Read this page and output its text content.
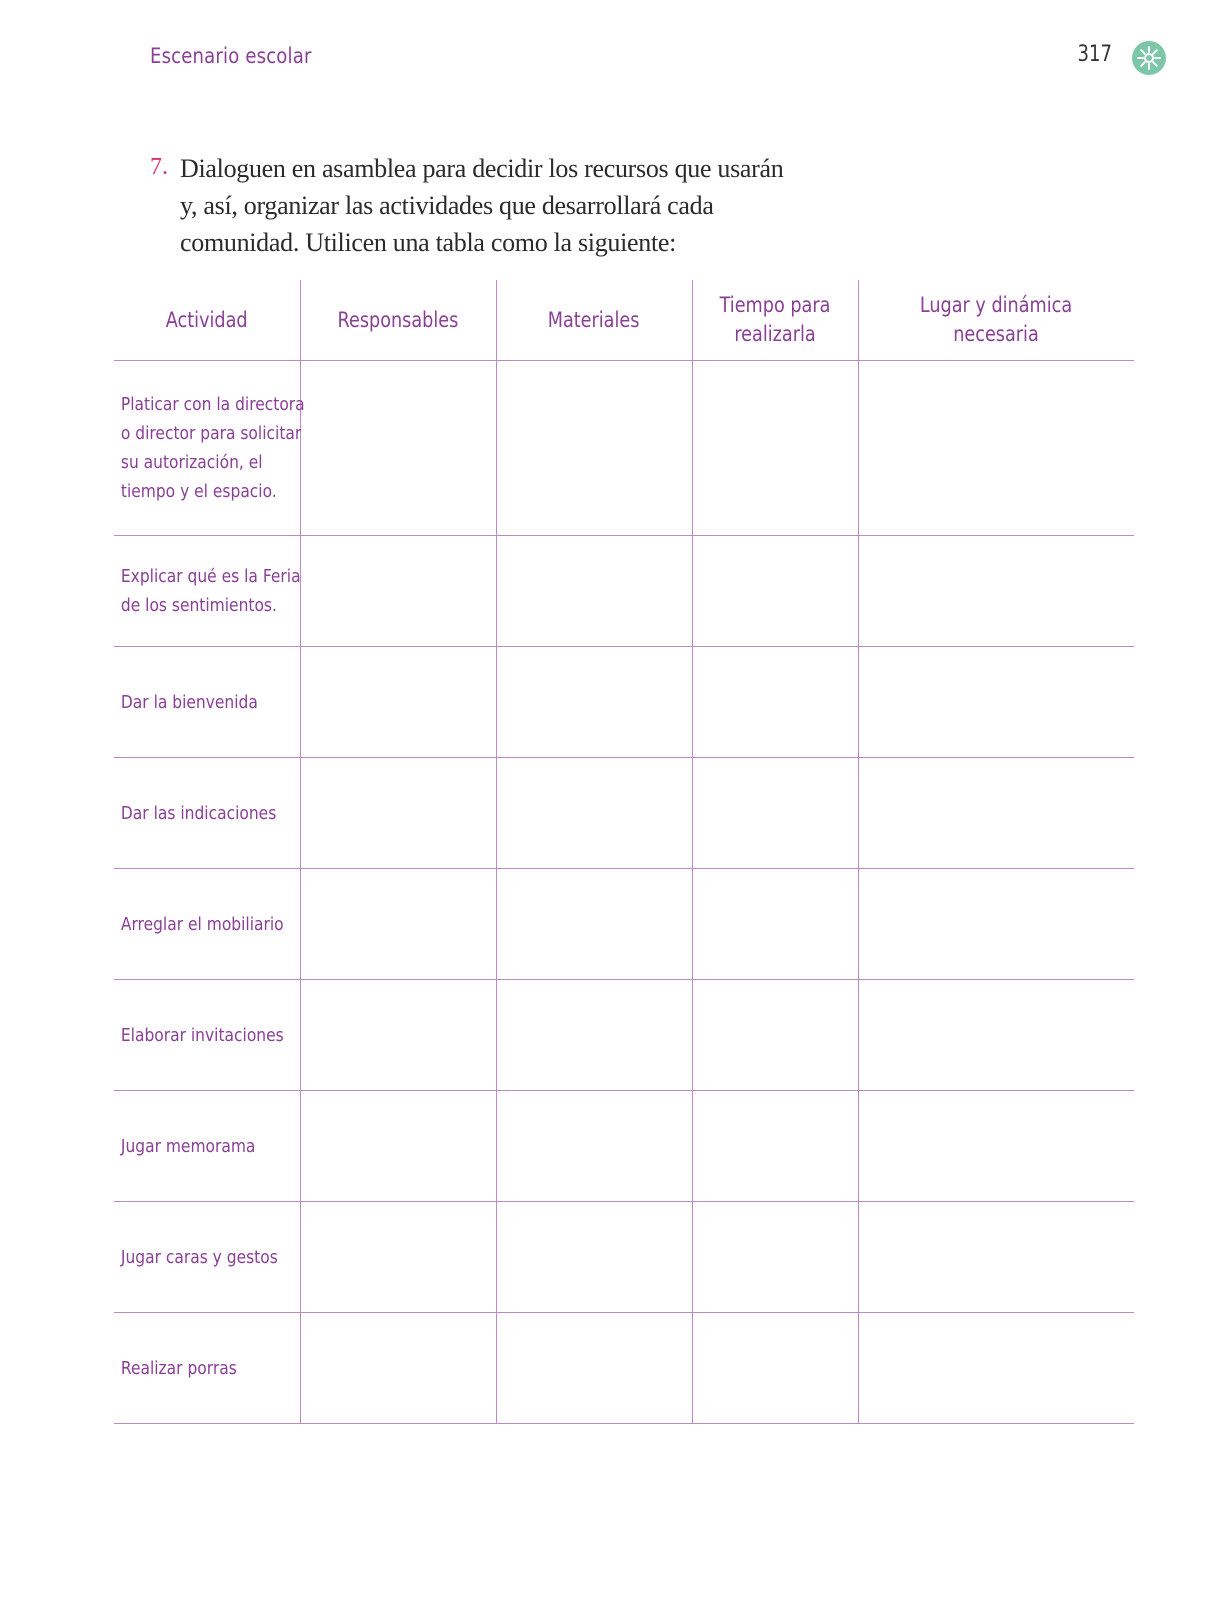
Escenario escolar	317
7. Dialoguen en asamblea para decidir los recursos que usarán y, así, organizar las actividades que desarrollará cada comunidad. Utilicen una tabla como la siguiente:

Actividad	Responsables	Materiales	Tiempo para realizarla	Lugar y dinámica necesaria

Platicar con la directora o director para solicitar su autorización, el tiempo y el espacio.				

Explicar qué es la Feria de los sentimientos.				

Dar la bienvenida				

Dar las indicaciones				

Arreglar el mobiliario				

Elaborar invitaciones				

Jugar memorama				

Jugar caras y gestos				

Realizar porras				
